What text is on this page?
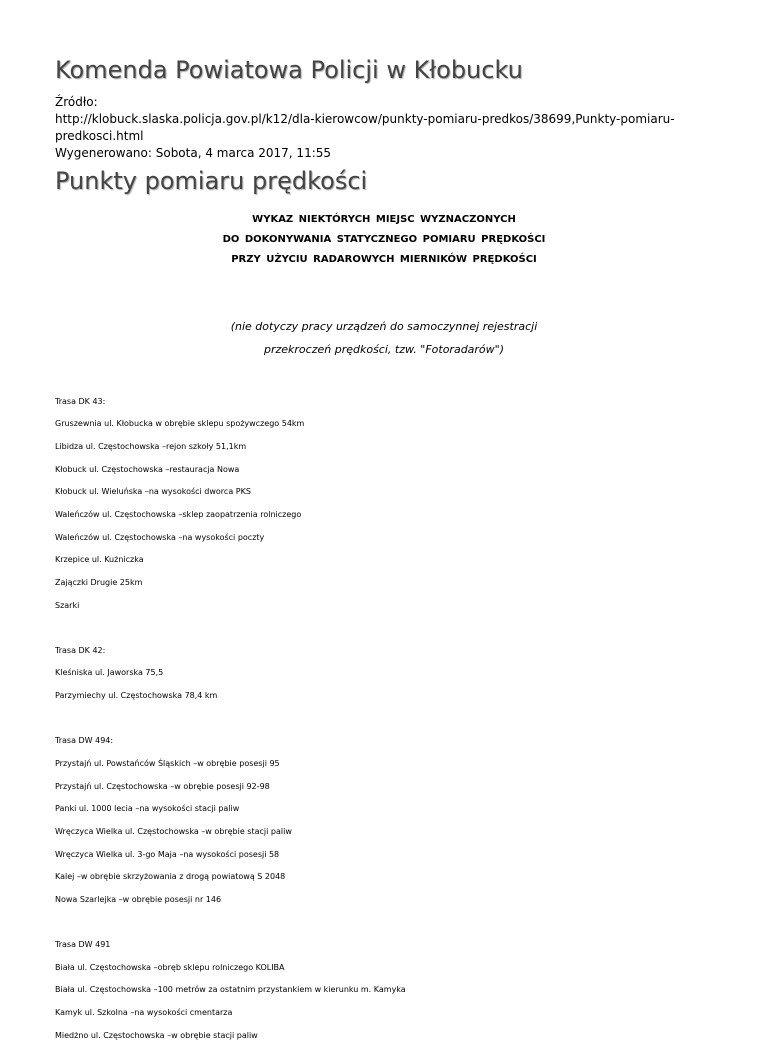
Komenda Powiatowa Policji w Kłobucku
Źródło:
http://klobuck.slaska.policja.gov.pl/k12/dla-kierowcow/punkty-pomiaru-predkos/38699,Punkty-pomiaru-predkosci.html
Wygenerowano: Sobota, 4 marca 2017, 11:55
Punkty pomiaru prędkości
WYKAZ NIEKTÓRYCH MIEJSC WYZNACZONYCH
DO DOKONYWANIA STATYCZNEGO POMIARU PRĘDKOŚCI
PRZY UŻYCIU RADAROWYCH MIERNIKÓW PRĘDKOŚCI
(nie dotyczy pracy urządzeń do samoczynnej rejestracji
przekroczeń prędkości, tzw. "Fotoradarów")

Trasa DK 43:

Gruszewnia ul. Kłobucka w obrębie sklepu spożywczego 54km

Libidza ul. Częstochowska –rejon szkoły 51,1km

Kłobuck ul. Częstochowska –restauracja Nowa

Kłobuck ul. Wieluńska –na wysokości dworca PKS

Waleńczów ul. Częstochowska –sklep zaopatrzenia rolniczego

Waleńczów ul. Częstochowska –na wysokości poczty

Krzepice ul. Kużniczka

Zajączki Drugie 25km

Szarki

Trasa DK 42:

Kleśniska ul. Jaworska 75,5

Parzymiechy ul. Częstochowska 78,4 km

Trasa DW 494:

Przystajń ul. Powstańców Śląskich –w obrębie posesji 95

Przystajń ul. Częstochowska –w obrębie posesji 92-98

Panki ul. 1000 lecia –na wysokości stacji paliw

Wręczyca Wielka ul. Częstochowska –w obrębie stacji paliw

Wręczyca Wielka ul. 3-go Maja –na wysokości posesji 58

Kalej –w obrębie skrzyżowania z drogą powiatową S 2048

Nowa Szarlejka –w obrębie posesji nr 146

Trasa DW 491

Biała ul. Częstochowska –obręb sklepu rolniczego KOLIBA

Biała ul. Częstochowska –100 metrów za ostatnim przystankiem w kierunku m. Kamyka

Kamyk ul. Szkolna –na wysokości cmentarza

Miedżno ul. Częstochowska –w obrębie stacji paliw
